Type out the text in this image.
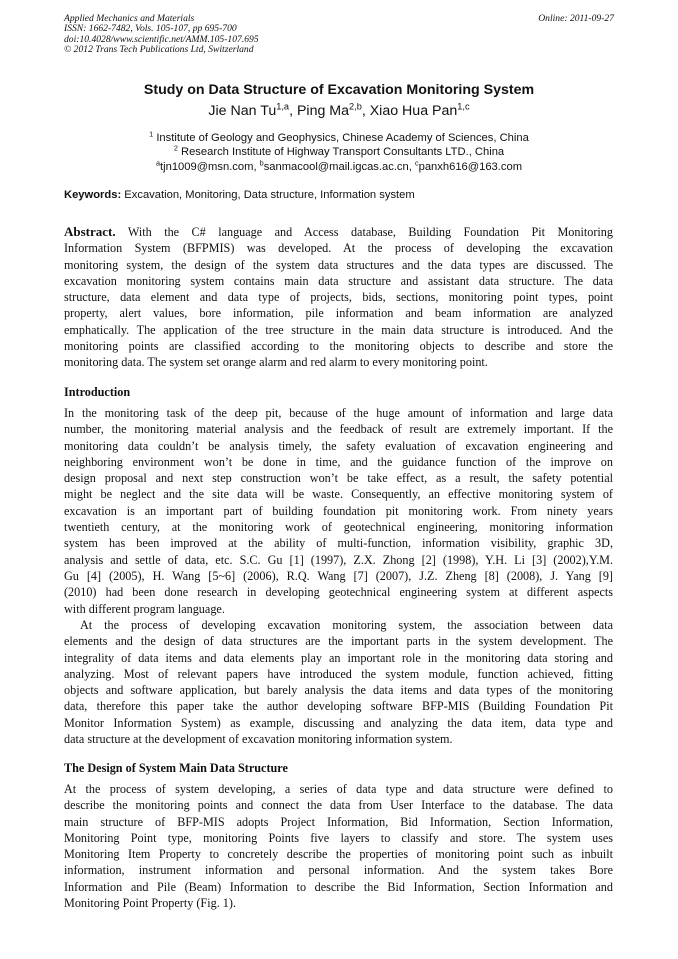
Applied Mechanics and Materials
ISSN: 1662-7482, Vols. 105-107, pp 695-700
doi:10.4028/www.scientific.net/AMM.105-107.695
© 2012 Trans Tech Publications Ltd, Switzerland
Online: 2011-09-27
Study on Data Structure of Excavation Monitoring System
Jie Nan Tu$^{1,a}$, Ping Ma$^{2,b}$, Xiao Hua Pan$^{1,c}$
$^1$ Institute of Geology and Geophysics, Chinese Academy of Sciences, China
$^2$ Research Institute of Highway Transport Consultants LTD., China
$^a$tjn1009@msn.com, $^b$sanmacool@mail.igcas.ac.cn, $^c$panxh616@163.com
Keywords: Excavation, Monitoring, Data structure, Information system
Abstract. With the C# language and Access database, Building Foundation Pit Monitoring
Information System (BFPMIS) was developed. At the process of developing the excavation
monitoring system, the design of the system data structures and the data types are discussed. The
excavation monitoring system contains main data structure and assistant data structure. The data
structure, data element and data type of projects, bids, sections, monitoring point types, point
property, alert values, bore information, pile information and beam information are analyzed
emphatically. The application of the tree structure in the main data structure is introduced. And the
monitoring points are classified according to the monitoring objects to describe and store the
monitoring data. The system set orange alarm and red alarm to every monitoring point.
Introduction
In the monitoring task of the deep pit, because of the huge amount of information and large data
number, the monitoring material analysis and the feedback of result are extremely important. If the
monitoring data couldn’t be analysis timely, the safety evaluation of excavation engineering and
neighboring environment won’t be done in time, and the guidance function of the improve on
design proposal and next step construction won’t be take effect, as a result, the safety potential
might be neglect and the site data will be waste. Consequently, an effective monitoring system of
excavation is an important part of building foundation pit monitoring work. From ninety years
twentieth century, at the monitoring work of geotechnical engineering, monitoring information
system has been improved at the ability of multi-function, information visibility, graphic 3D,
analysis and settle of data, etc. S.C. Gu [1] (1997), Z.X. Zhong [2] (1998), Y.H. Li [3] (2002),Y.M.
Gu [4] (2005), H. Wang [5~6] (2006), R.Q. Wang [7] (2007), J.Z. Zheng [8] (2008), J. Yang [9]
(2010) had been done research in developing geotechnical engineering system at different aspects
with different program language.
At the process of developing excavation monitoring system, the association between data
elements and the design of data structures are the important parts in the system development. The
integrality of data items and data elements play an important role in the monitoring data storing and
analyzing. Most of relevant papers have introduced the system module, function achieved, fitting
objects and software application, but barely analysis the data items and data types of the monitoring
data, therefore this paper take the author developing software BFP-MIS (Building Foundation Pit
Monitor Information System) as example, discussing and analyzing the data item, data type and
data structure at the development of excavation monitoring information system.
The Design of System Main Data Structure
At the process of system developing, a series of data type and data structure were defined to
describe the monitoring points and connect the data from User Interface to the database. The data
main structure of BFP-MIS adopts Project Information, Bid Information, Section Information,
Monitoring Point type, monitoring Points five layers to classify and store. The system uses
Monitoring Item Property to concretely describe the properties of monitoring point such as inbuilt
information, instrument information and personal information. And the system takes Bore
Information and Pile (Beam) Information to describe the Bid Information, Section Information and
Monitoring Point Property (Fig. 1).
